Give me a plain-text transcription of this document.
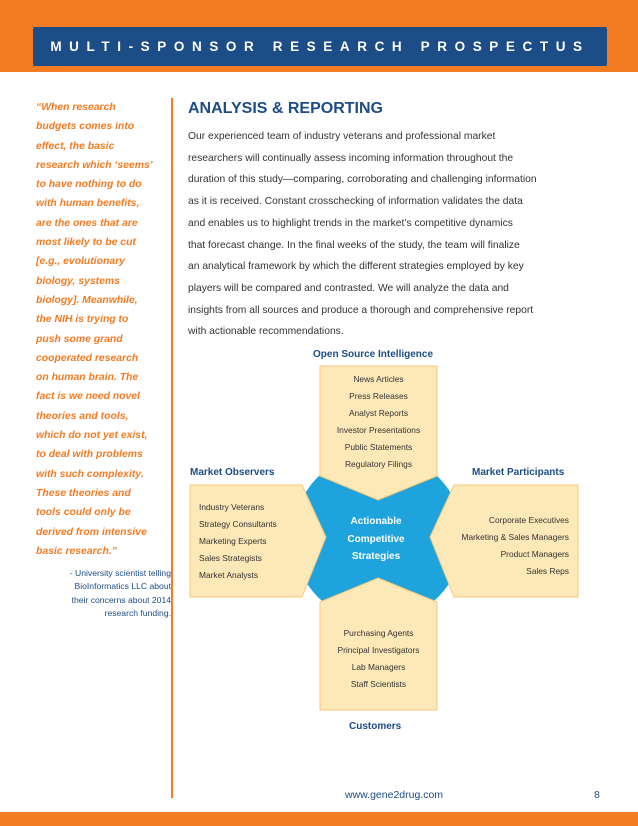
MULTI-SPONSOR RESEARCH PROSPECTUS

“When research
budgets comes into
effect, the basic
research which ‘seems’
to have nothing to do
with human benefits,
are the ones that are
most likely to be cut
[e.g., evolutionary
biology, systems
biology]. Meanwhile,
the NIH is trying to
push some grand
cooperated research
on human brain. The
fact is we need novel
theories and tools,
which do not yet exist,
to deal with problems
with such complexity.
These theories and
tools could only be
derived from intensive
basic research.”

- University scientist telling
BioInformatics LLC about
their concerns about 2014
research funding.

ANALYSIS & REPORTING

Our experienced team of industry veterans and professional market
researchers will continually assess incoming information throughout the
duration of this study—comparing, corroborating and challenging information
as it is received. Constant crosschecking of information validates the data
and enables us to highlight trends in the market’s competitive dynamics
that forecast change. In the final weeks of the study, the team will finalize
an analytical framework by which the different strategies employed by key
players will be compared and contrasted. We will analyze the data and
insights from all sources and produce a thorough and comprehensive report
with actionable recommendations.

Open Source Intelligence
News Articles
Press Releases
Analyst Reports
Investor Presentations
Public Statements
Regulatory Filings
Market Observers
Industry Veterans
Strategy Consultants
Marketing Experts
Sales Strategists
Market Analysts
Market Participants
Corporate Executives
Marketing & Sales Managers
Product Managers
Sales Reps
Purchasing Agents
Principal Investigators
Lab Managers
Staff Scientists
Customers
Actionable
Competitive
Strategies
www.gene2drug.com	8
